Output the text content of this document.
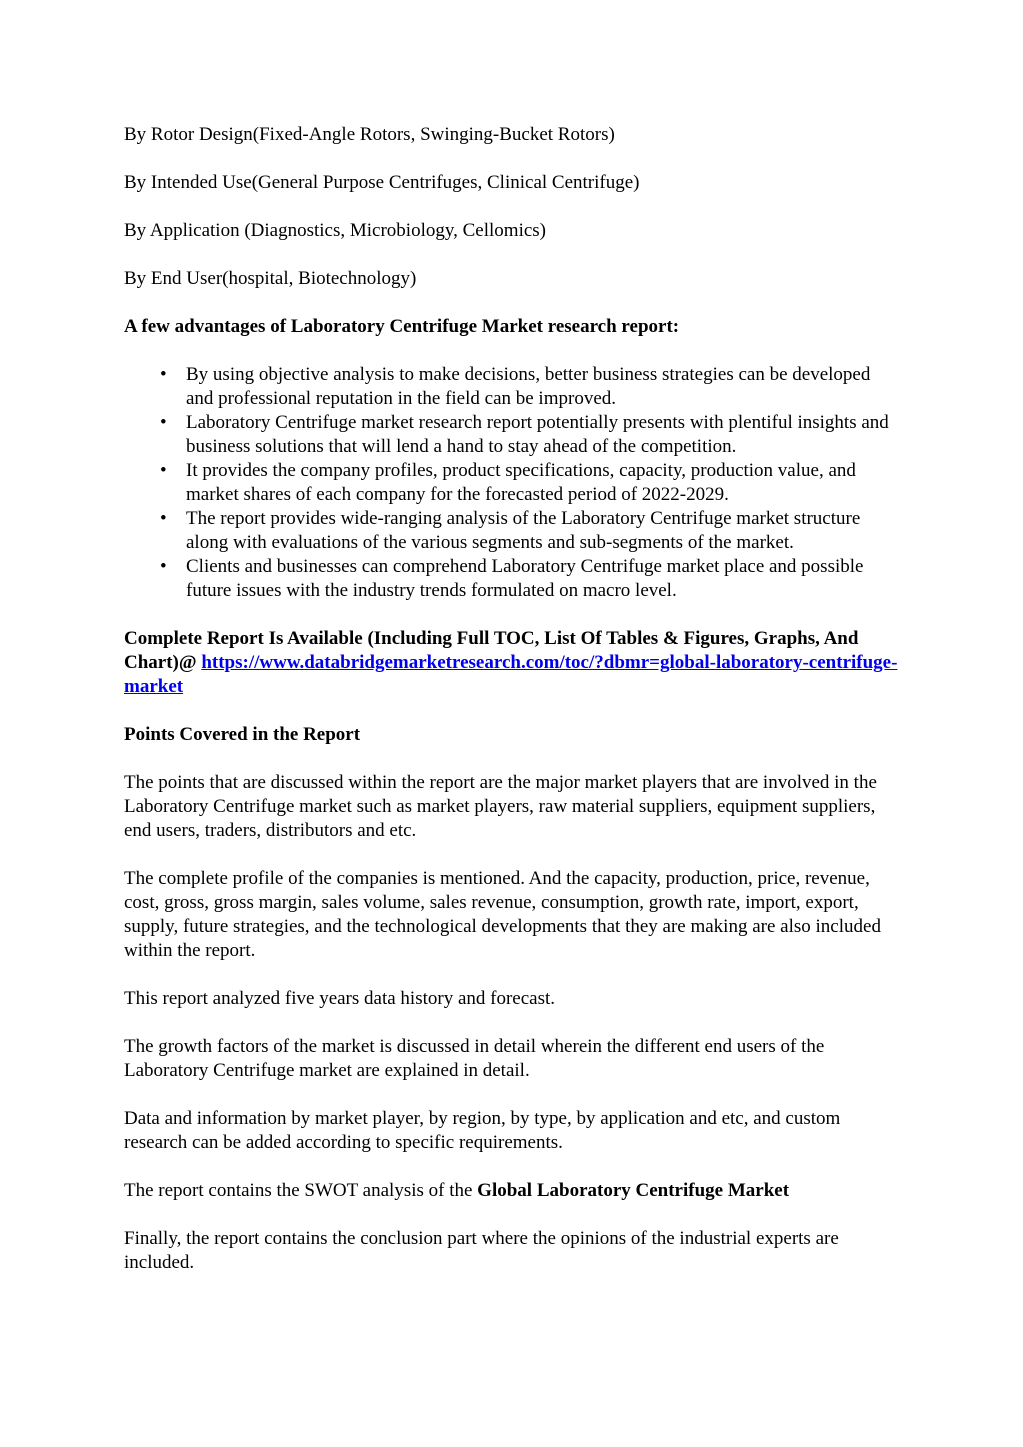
By Rotor Design(Fixed-Angle Rotors, Swinging-Bucket Rotors)

By Intended Use(General Purpose Centrifuges, Clinical Centrifuge)

By Application (Diagnostics, Microbiology, Cellomics)

By End User(hospital, Biotechnology)

A few advantages of Laboratory Centrifuge Market research report:

• By using objective analysis to make decisions, better business strategies can be developed and professional reputation in the field can be improved.
• Laboratory Centrifuge market research report potentially presents with plentiful insights and business solutions that will lend a hand to stay ahead of the competition.
• It provides the company profiles, product specifications, capacity, production value, and market shares of each company for the forecasted period of 2022-2029.
• The report provides wide-ranging analysis of the Laboratory Centrifuge market structure along with evaluations of the various segments and sub-segments of the market.
• Clients and businesses can comprehend Laboratory Centrifuge market place and possible future issues with the industry trends formulated on macro level.

Complete Report Is Available (Including Full TOC, List Of Tables & Figures, Graphs, And Chart)@ https://www.databridgemarketresearch.com/toc/?dbmr=global-laboratory-centrifuge-market

Points Covered in the Report

The points that are discussed within the report are the major market players that are involved in the Laboratory Centrifuge market such as market players, raw material suppliers, equipment suppliers, end users, traders, distributors and etc.

The complete profile of the companies is mentioned. And the capacity, production, price, revenue, cost, gross, gross margin, sales volume, sales revenue, consumption, growth rate, import, export, supply, future strategies, and the technological developments that they are making are also included within the report.

This report analyzed five years data history and forecast.

The growth factors of the market is discussed in detail wherein the different end users of the Laboratory Centrifuge market are explained in detail.

Data and information by market player, by region, by type, by application and etc, and custom research can be added according to specific requirements.

The report contains the SWOT analysis of the Global Laboratory Centrifuge Market

Finally, the report contains the conclusion part where the opinions of the industrial experts are included.
